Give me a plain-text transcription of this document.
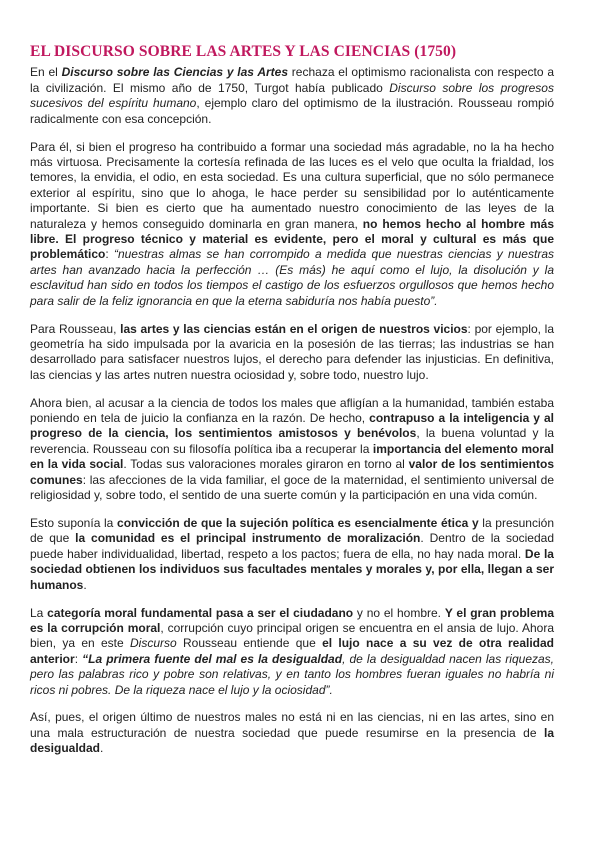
EL DISCURSO SOBRE LAS ARTES Y LAS CIENCIAS (1750)

En el Discurso sobre las Ciencias y las Artes rechaza el optimismo racionalista con respecto a la civilización. El mismo año de 1750, Turgot había publicado Discurso sobre los progresos sucesivos del espíritu humano, ejemplo claro del optimismo de la ilustración. Rousseau rompió radicalmente con esa concepción.

Para él, si bien el progreso ha contribuido a formar una sociedad más agradable, no la ha hecho más virtuosa. Precisamente la cortesía refinada de las luces es el velo que oculta la frialdad, los temores, la envidia, el odio, en esta sociedad. Es una cultura superficial, que no sólo permanece exterior al espíritu, sino que lo ahoga, le hace perder su sensibilidad por lo auténticamente importante. Si bien es cierto que ha aumentado nuestro conocimiento de las leyes de la naturaleza y hemos conseguido dominarla en gran manera, no hemos hecho al hombre más libre. El progreso técnico y material es evidente, pero el moral y cultural es más que problemático: “nuestras almas se han corrompido a medida que nuestras ciencias y nuestras artes han avanzado hacia la perfección … (Es más) he aquí como el lujo, la disolución y la esclavitud han sido en todos los tiempos el castigo de los esfuerzos orgullosos que hemos hecho para salir de la feliz ignorancia en que la eterna sabiduría nos había puesto”.

Para Rousseau, las artes y las ciencias están en el origen de nuestros vicios: por ejemplo, la geometría ha sido impulsada por la avaricia en la posesión de las tierras; las industrias se han desarrollado para satisfacer nuestros lujos, el derecho para defender las injusticias. En definitiva, las ciencias y las artes nutren nuestra ociosidad y, sobre todo, nuestro lujo.

Ahora bien, al acusar a la ciencia de todos los males que afligían a la humanidad, también estaba poniendo en tela de juicio la confianza en la razón. De hecho, contrapuso a la inteligencia y al progreso de la ciencia, los sentimientos amistosos y benévolos, la buena voluntad y la reverencia. Rousseau con su filosofía política iba a recuperar la importancia del elemento moral en la vida social. Todas sus valoraciones morales giraron en torno al valor de los sentimientos comunes: las afecciones de la vida familiar, el goce de la maternidad, el sentimiento universal de religiosidad y, sobre todo, el sentido de una suerte común y la participación en una vida común.

Esto suponía la convicción de que la sujeción política es esencialmente ética y la presunción de que la comunidad es el principal instrumento de moralización. Dentro de la sociedad puede haber individualidad, libertad, respeto a los pactos; fuera de ella, no hay nada moral. De la sociedad obtienen los individuos sus facultades mentales y morales y, por ella, llegan a ser humanos.

La categoría moral fundamental pasa a ser el ciudadano y no el hombre. Y el gran problema es la corrupción moral, corrupción cuyo principal origen se encuentra en el ansia de lujo. Ahora bien, ya en este Discurso Rousseau entiende que el lujo nace a su vez de otra realidad anterior: “La primera fuente del mal es la desigualdad, de la desigualdad nacen las riquezas, pero las palabras rico y pobre son relativas, y en tanto los hombres fueran iguales no habría ni ricos ni pobres. De la riqueza nace el lujo y la ociosidad”.

Así, pues, el origen último de nuestros males no está ni en las ciencias, ni en las artes, sino en una mala estructuración de nuestra sociedad que puede resumirse en la presencia de la desigualdad.
